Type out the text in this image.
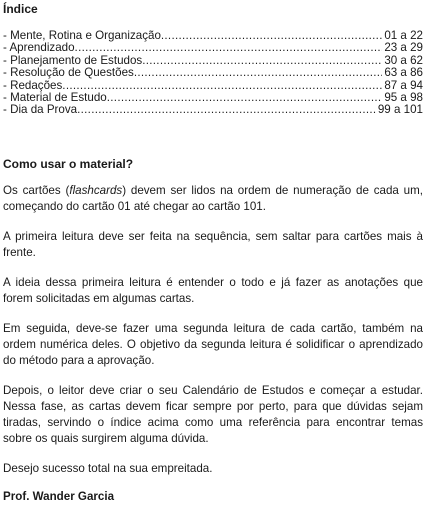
Índice
- Mente, Rotina e Organização .....	01 a 22
- Aprendizado .....	23 a 29
- Planejamento de Estudos .....	30 a 62
- Resolução de Questões .....	63 a 86
- Redações .....	87 a 94
- Material de Estudo .....	95 a 98
- Dia da Prova .....	99 a 101
Como usar o material?

Os cartões (flashcards) devem ser lidos na ordem de numeração de cada um, começando do cartão 01 até chegar ao cartão 101.

A primeira leitura deve ser feita na sequência, sem saltar para cartões mais à frente.

A ideia dessa primeira leitura é entender o todo e já fazer as anotações que forem solicitadas em algumas cartas.

Em seguida, deve-se fazer uma segunda leitura de cada cartão, também na ordem numérica deles. O objetivo da segunda leitura é solidificar o aprendizado do método para a aprovação.

Depois, o leitor deve criar o seu Calendário de Estudos e começar a estudar. Nessa fase, as cartas devem ficar sempre por perto, para que dúvidas sejam tiradas, servindo o índice acima como uma referência para encontrar temas sobre os quais surgirem alguma dúvida.

Desejo sucesso total na sua empreitada.

Prof. Wander Garcia
